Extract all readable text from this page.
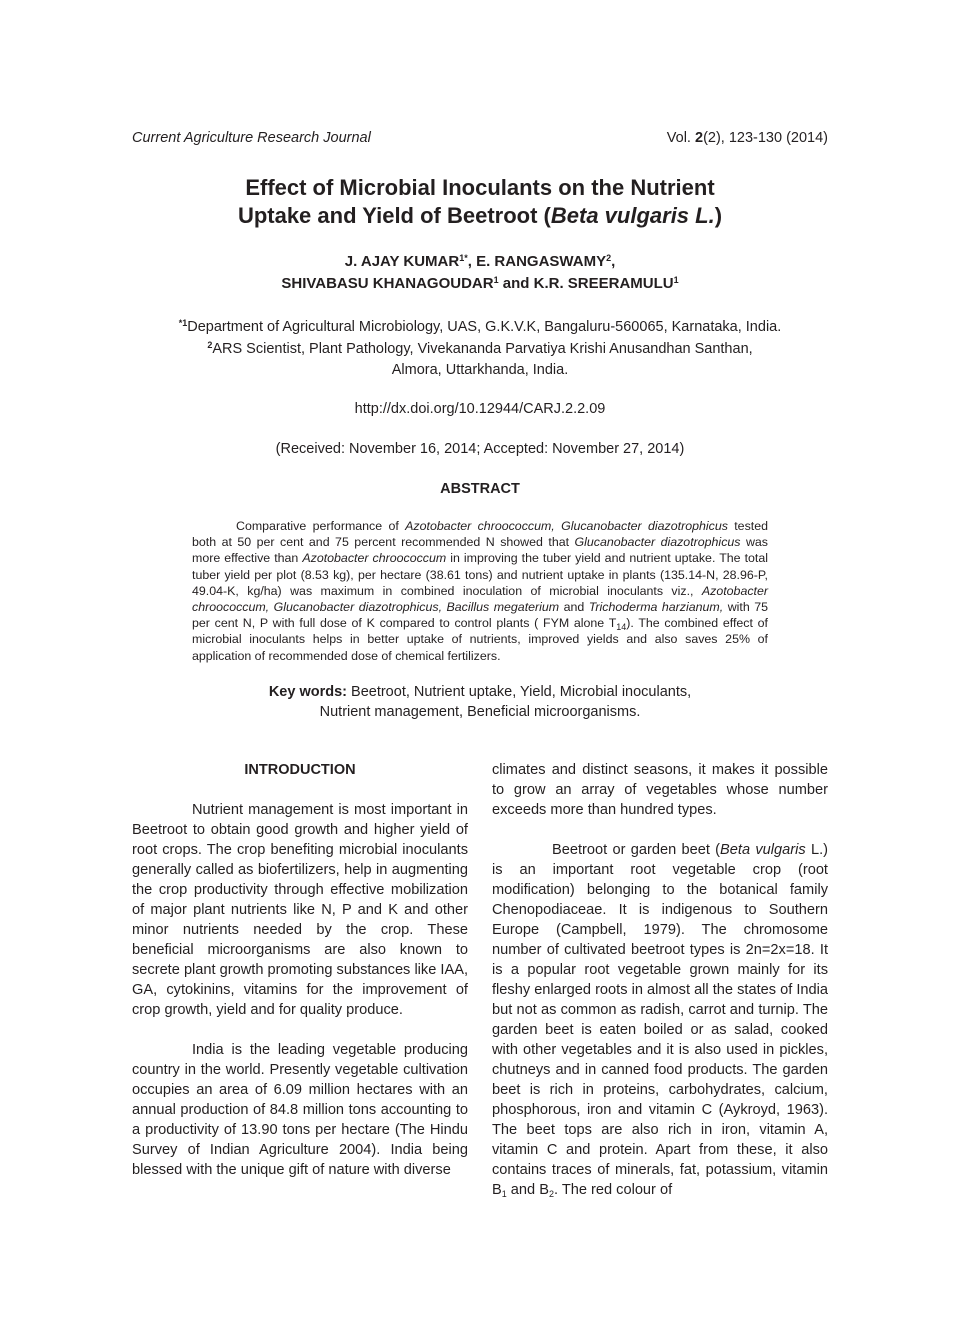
Current Agriculture Research Journal	Vol. 2(2), 123-130 (2014)
Effect of Microbial Inoculants on the Nutrient
Uptake and Yield of Beetroot (Beta vulgaris L.)
J. AJAY $KUMAR^{1*}$, E. RANGASWAMY$^2$,
SHIVABASU KHANAGOUDAR$^1$ and K.R. SREERAMULU$^1$
$^{*1}$Department of Agricultural Microbiology, UAS, G.K.V.K, Bangaluru-560065, Karnataka, India.
$^2$ARS Scientist, Plant Pathology, Vivekananda Parvatiya Krishi Anusandhan Santhan,
Almora, Uttarkhanda, India.
http://dx.doi.org/10.12944/CARJ.2.2.09
(Received: November 16, 2014; Accepted: November 27, 2014)
ABSTRACT
Comparative performance of Azotobacter chroococcum, Glucanobacter diazotrophicus tested both at 50 per cent and 75 percent recommended N showed that Glucanobacter diazotrophicus was more effective than Azotobacter chroococcum in improving the tuber yield and nutrient uptake. The total tuber yield per plot (8.53 kg), per hectare (38.61 tons) and nutrient uptake in plants (135.14-N, 28.96-P, 49.04-K, kg/ha) was maximum in combined inoculation of microbial inoculants viz., Azotobacter chroococcum, Glucanobacter diazotrophicus, Bacillus megaterium and Trichoderma harzianum, with 75 per cent N, P with full dose of K compared to control plants ( FYM alone $T_{14}$). The combined effect of microbial inoculants helps in better uptake of nutrients, improved yields and also saves 25% of application of recommended dose of chemical fertilizers.
Key words: Beetroot, Nutrient uptake, Yield, Microbial inoculants,
Nutrient management, Beneficial microorganisms.
INTRODUCTION

Nutrient management is most important in Beetroot to obtain good growth and higher yield of root crops. The crop benefiting microbial inoculants generally called as biofertilizers, help in augmenting the crop productivity through effective mobilization of major plant nutrients like N, P and K and other minor nutrients needed by the crop. These beneficial microorganisms are also known to secrete plant growth promoting substances like IAA, GA, cytokinins, vitamins for the improvement of crop growth, yield and for quality produce.

India is the leading vegetable producing country in the world. Presently vegetable cultivation occupies an area of 6.09 million hectares with an annual production of 84.8 million tons accounting to a productivity of 13.90 tons per hectare (The Hindu Survey of Indian Agriculture 2004). India being blessed with the unique gift of nature with diverse

climates and distinct seasons, it makes it possible to grow an array of vegetables whose number exceeds more than hundred types.

Beetroot or garden beet (Beta vulgaris L.) is an important root vegetable crop (root modification) belonging to the botanical family Chenopodiaceae. It is indigenous to Southern Europe (Campbell, 1979). The chromosome number of cultivated beetroot types is 2n=2x=18. It is a popular root vegetable grown mainly for its fleshy enlarged roots in almost all the states of India but not as common as radish, carrot and turnip. The garden beet is eaten boiled or as salad, cooked with other vegetables and it is also used in pickles, chutneys and in canned food products. The garden beet is rich in proteins, carbohydrates, calcium, phosphorous, iron and vitamin C (Aykroyd, 1963). The beet tops are also rich in iron, vitamin A, vitamin C and protein. Apart from these, it also contains traces of minerals, fat, potassium, vitamin $B_1$ and $B_2$. The red colour of
